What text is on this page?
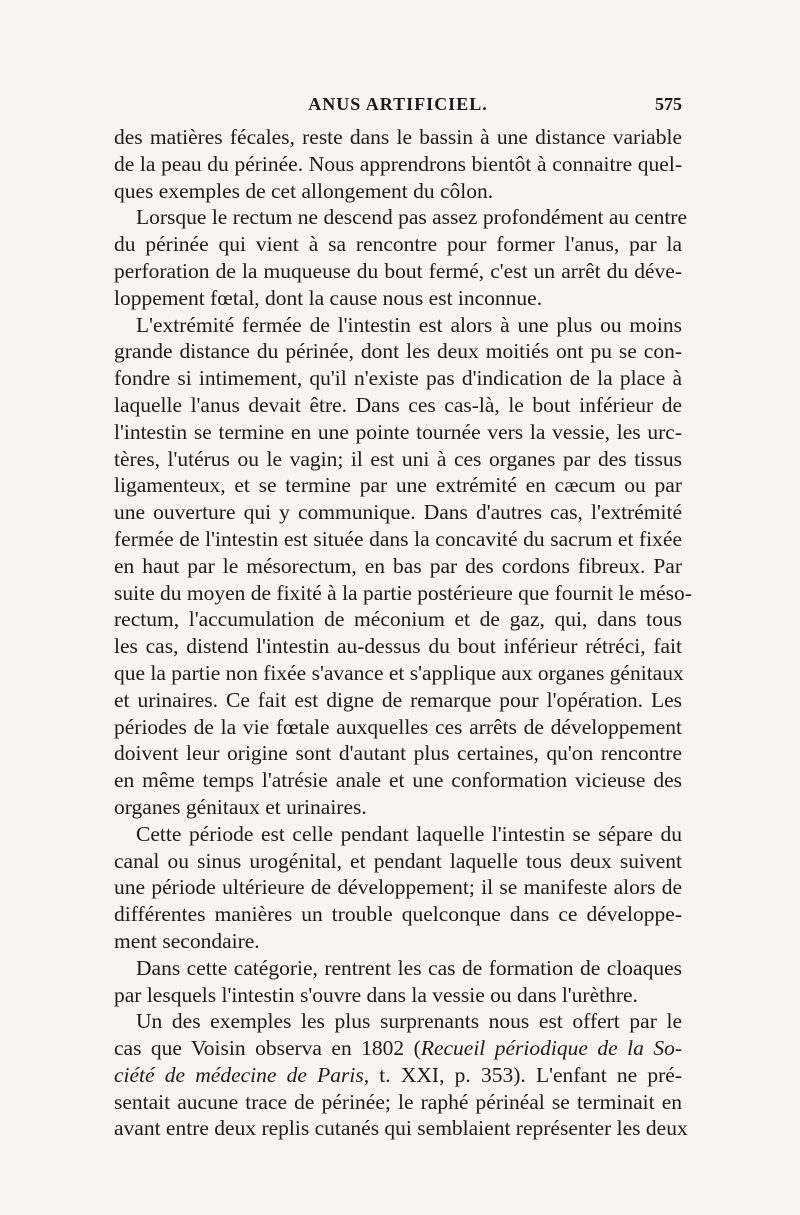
ANUS ARTIFICIEL.	575
des matières fécales, reste dans le bassin à une distance variable
de la peau du périnée. Nous apprendrons bientôt à connaitre quel-
ques exemples de cet allongement du côlon.
Lorsque le rectum ne descend pas assez profondément au centre
du périnée qui vient à sa rencontre pour former l'anus, par la
perforation de la muqueuse du bout fermé, c'est un arrêt du déve-
loppement fœtal, dont la cause nous est inconnue.
L'extrémité fermée de l'intestin est alors à une plus ou moins
grande distance du périnée, dont les deux moitiés ont pu se con-
fondre si intimement, qu'il n'existe pas d'indication de la place à
laquelle l'anus devait être. Dans ces cas-là, le bout inférieur de
l'intestin se termine en une pointe tournée vers la vessie, les urc-
tères, l'utérus ou le vagin; il est uni à ces organes par des tissus
ligamenteux, et se termine par une extrémité en cæcum ou par
une ouverture qui y communique. Dans d'autres cas, l'extrémité
fermée de l'intestin est située dans la concavité du sacrum et fixée
en haut par le mésorectum, en bas par des cordons fibreux. Par
suite du moyen de fixité à la partie postérieure que fournit le méso-
rectum, l'accumulation de méconium et de gaz, qui, dans tous
les cas, distend l'intestin au-dessus du bout inférieur rétréci, fait
que la partie non fixée s'avance et s'applique aux organes génitaux
et urinaires. Ce fait est digne de remarque pour l'opération. Les
périodes de la vie fœtale auxquelles ces arrêts de développement
doivent leur origine sont d'autant plus certaines, qu'on rencontre
en même temps l'atrésie anale et une conformation vicieuse des
organes génitaux et urinaires.
Cette période est celle pendant laquelle l'intestin se sépare du
canal ou sinus urogénital, et pendant laquelle tous deux suivent
une période ultérieure de développement; il se manifeste alors de
différentes manières un trouble quelconque dans ce développe-
ment secondaire.
Dans cette catégorie, rentrent les cas de formation de cloaques
par lesquels l'intestin s'ouvre dans la vessie ou dans l'urèthre.
Un des exemples les plus surprenants nous est offert par le
cas que Voisin observa en 1802 (Recueil périodique de la So-
ciété de médecine de Paris, t. XXI, p. 353). L'enfant ne pré-
sentait aucune trace de périnée; le raphé périnéal se terminait en
avant entre deux replis cutanés qui semblaient représenter les deux
